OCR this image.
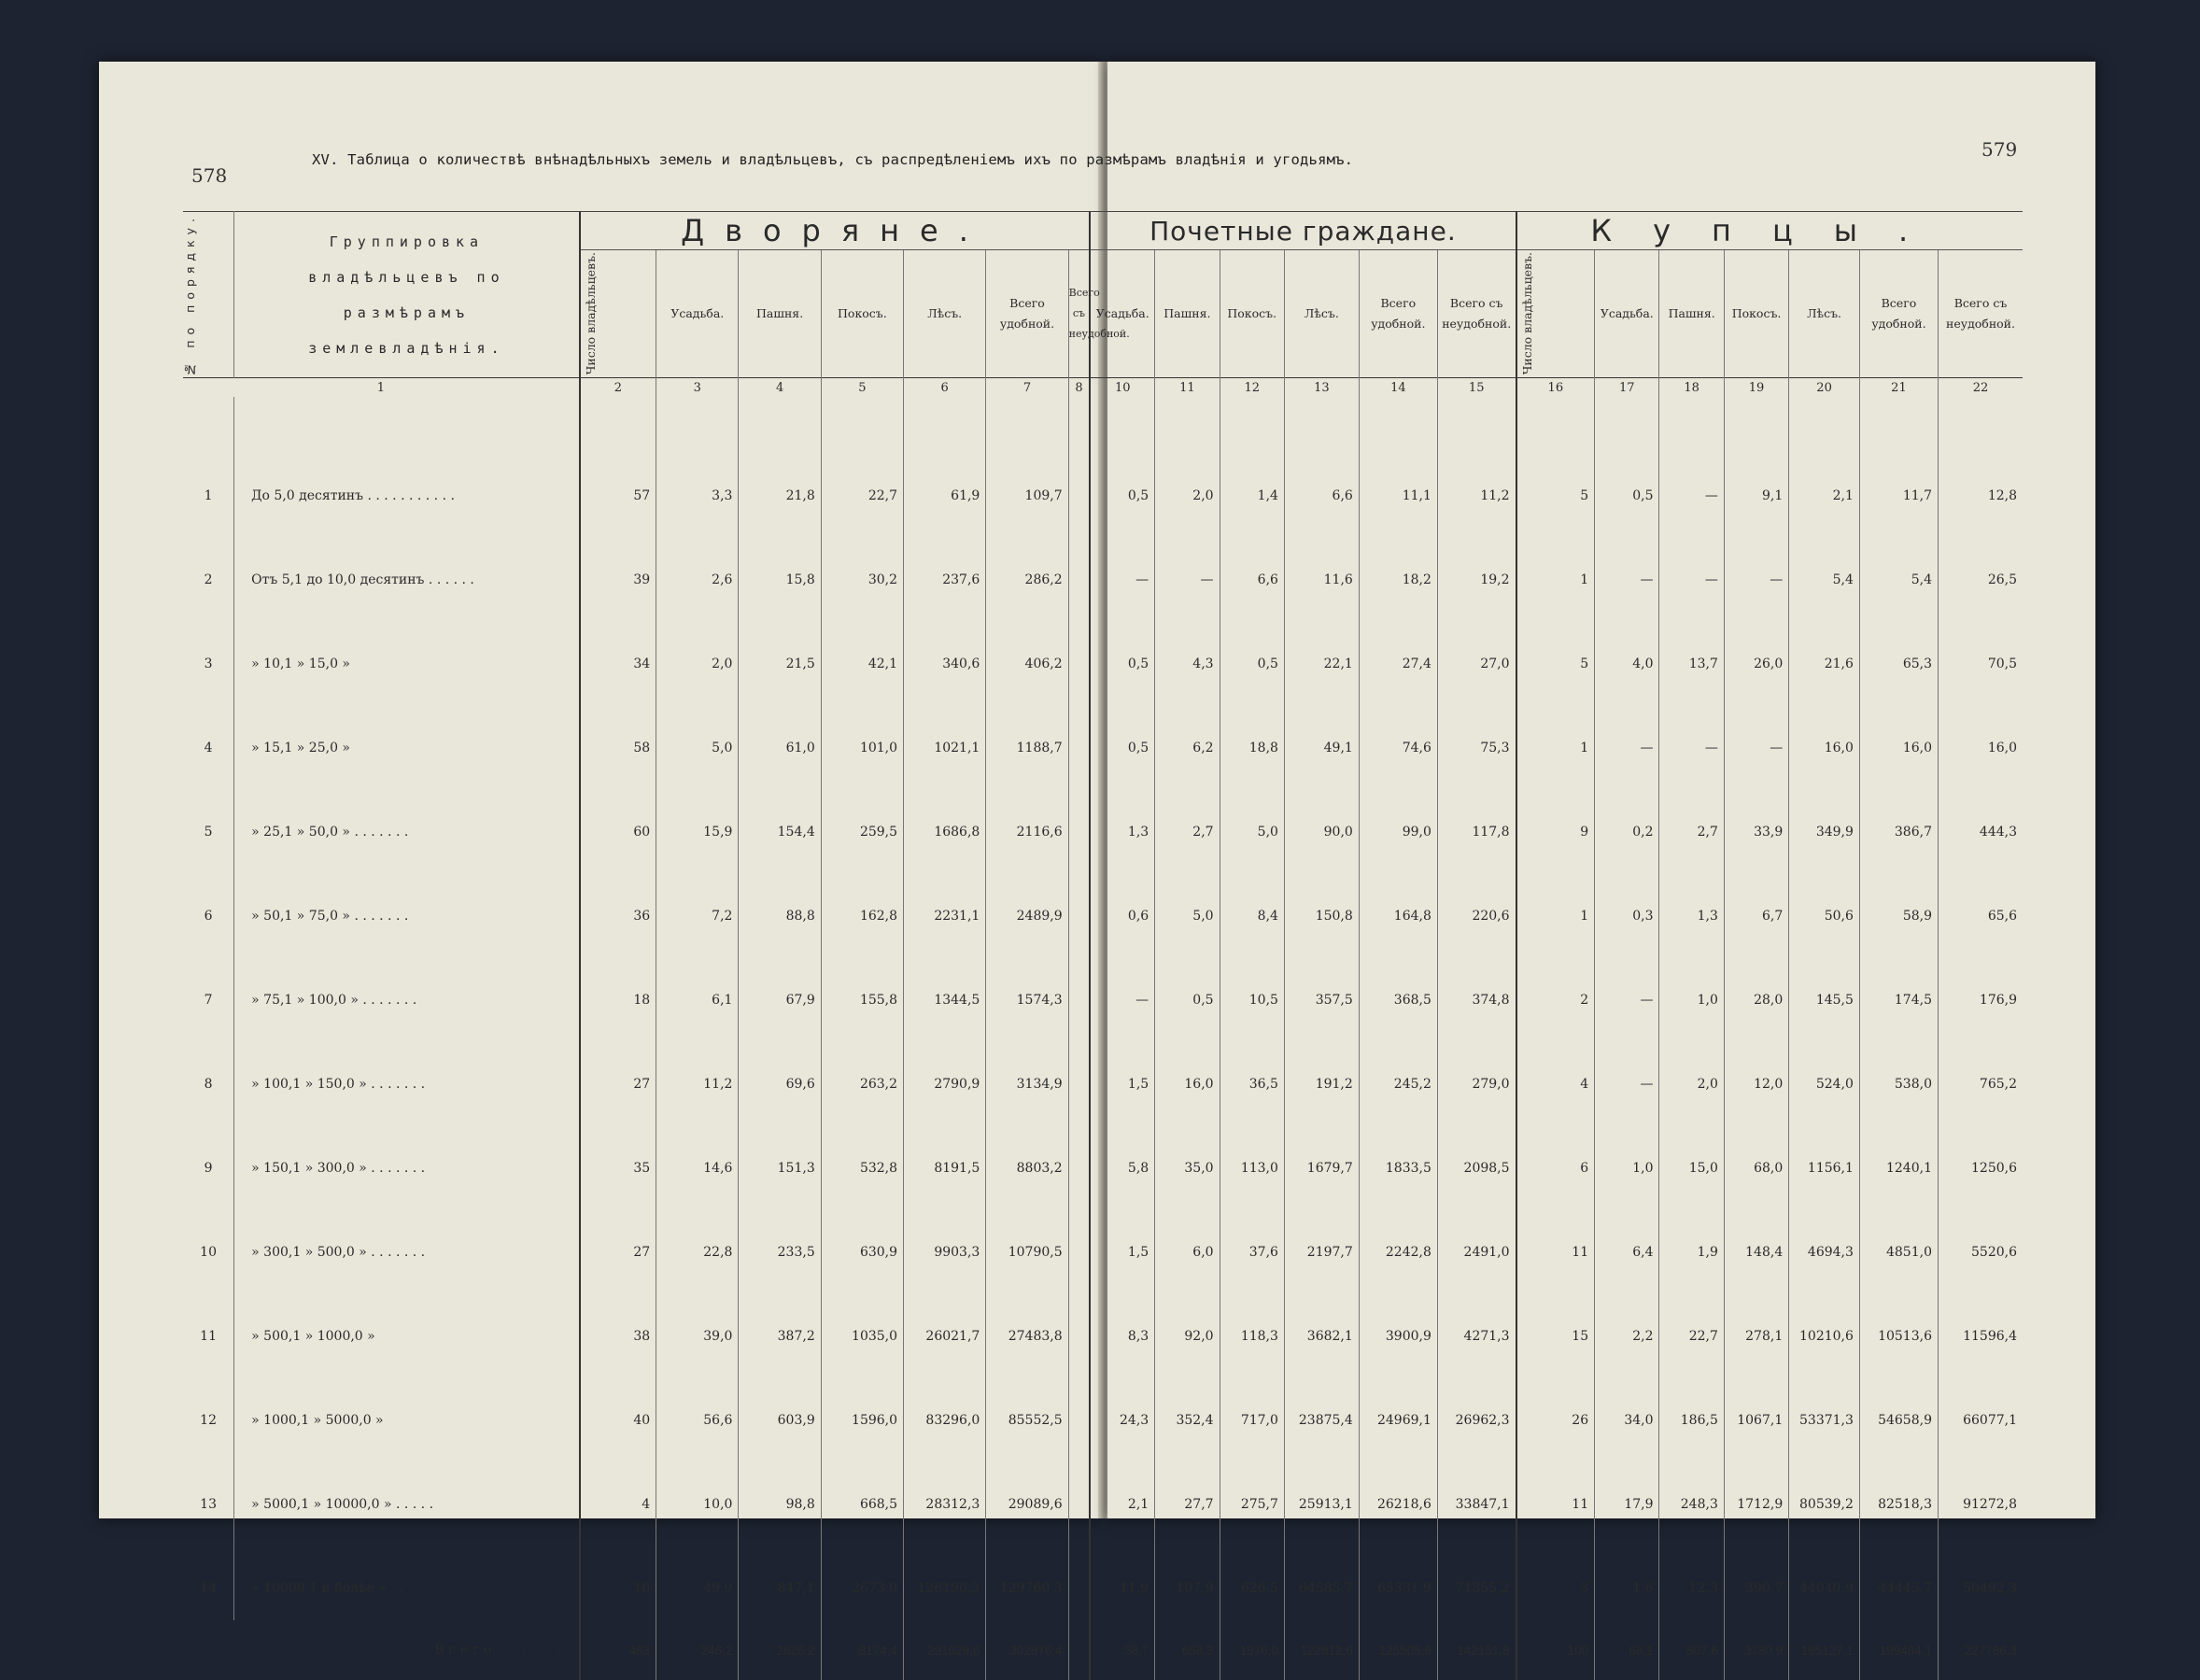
578
579
XV. Таблица о количествѣ внѣнадѣльныхъ земель и владѣльцевъ, съ распредѣленіемъ ихъ по размѣрамъ владѣнія и угодьямъ.
№ по порядку.	Группировка владѣльцевъ по размѣрамъ землевладѣнія.	Дворяне.							Почетные граждане.						Купцы.						

		Число владѣльцевъ.	Усадьба.	Пашня.	Покосъ.	Лѣсъ.	Всего удобной.	Всего съ неудобной.	Усадьба.	Пашня.	Покосъ.	Лѣсъ.	Всего удобной.	Всего съ неудобной.	Число владѣльцевъ.	Усадьба.	Пашня.	Покосъ.	Лѣсъ.	Всего удобной.	Всего съ неудобной.
1		2	3	4	5	6	7	8	10	11	12	13	14	15	16	17	18	19	20	21	22

1	До 5,0 десятинъ . . . . . . . . . . .	57	3,3	21,8	22,7	61,9	109,7		0,5	2,0	1,4	6,6	11,1	11,2	5	0,5	—	9,1	2,1	11,7	12,8
2	Отъ 5,1 до 10,0 десятинъ . . . . . .	39	2,6	15,8	30,2	237,6	286,2		—	—	6,6	11,6	18,2	19,2	1	—	—	—	5,4	5,4	26,5
3	» 10,1 » 15,0 »	34	2,0	21,5	42,1	340,6	406,2		0,5	4,3	0,5	22,1	27,4	27,0	5	4,0	13,7	26,0	21,6	65,3	70,5
4	» 15,1 » 25,0 »	58	5,0	61,0	101,0	1021,1	1188,7		0,5	6,2	18,8	49,1	74,6	75,3	1	—	—	—	16,0	16,0	16,0
5	» 25,1 » 50,0 » . . . . . . .	60	15,9	154,4	259,5	1686,8	2116,6		1,3	2,7	5,0	90,0	99,0	117,8	9	0,2	2,7	33,9	349,9	386,7	444,3
6	» 50,1 » 75,0 » . . . . . . .	36	7,2	88,8	162,8	2231,1	2489,9		0,6	5,0	8,4	150,8	164,8	220,6	1	0,3	1,3	6,7	50,6	58,9	65,6
7	» 75,1 » 100,0 » . . . . . . .	18	6,1	67,9	155,8	1344,5	1574,3		—	0,5	10,5	357,5	368,5	374,8	2	—	1,0	28,0	145,5	174,5	176,9
8	» 100,1 » 150,0 » . . . . . . .	27	11,2	69,6	263,2	2790,9	3134,9		1,5	16,0	36,5	191,2	245,2	279,0	4	—	2,0	12,0	524,0	538,0	765,2
9	» 150,1 » 300,0 » . . . . . . .	35	14,6	151,3	532,8	8191,5	8803,2		5,8	35,0	113,0	1679,7	1833,5	2098,5	6	1,0	15,0	68,0	1156,1	1240,1	1250,6
10	» 300,1 » 500,0 » . . . . . . .	27	22,8	233,5	630,9	9903,3	10790,5		1,5	6,0	37,6	2197,7	2242,8	2491,0	11	6,4	1,9	148,4	4694,3	4851,0	5520,6
11	» 500,1 » 1000,0 »	38	39,0	387,2	1035,0	26021,7	27483,8		8,3	92,0	118,3	3682,1	3900,9	4271,3	15	2,2	22,7	278,1	10210,6	10513,6	11596,4
12	» 1000,1 » 5000,0 »	40	56,6	603,9	1596,0	83296,0	85552,5		24,3	352,4	717,0	23875,4	24969,1	26962,3	26	34,0	186,5	1067,1	53371,3	54658,9	66077,1
13	» 5000,1 » 10000,0 » . . . . .	4	10,0	98,8	668,5	28312,3	29089,6		2,1	27,7	275,7	25913,1	26218,6	33847,1	11	17,9	248,3	1712,9	80539,2	82518,3	91272,8
14	» 10000,1 и болѣе » . . . . . . . .	10	49,9	847,1	2673,0	126190,3	129760,3		11,9	107,9	626,5	64585,7	65331,9	71355,2	3	1,6	12,3	390,7	44040,9	44445,7	50492,3
Всего . . . .		483	246,2	2826,2	8174,4	291629,6	302876,4		58,7	658,3	1976,0	122812,6	125505,6	142151,8	100	68,1	507,6	3780,9	195127,1	199484,1	227786,3
